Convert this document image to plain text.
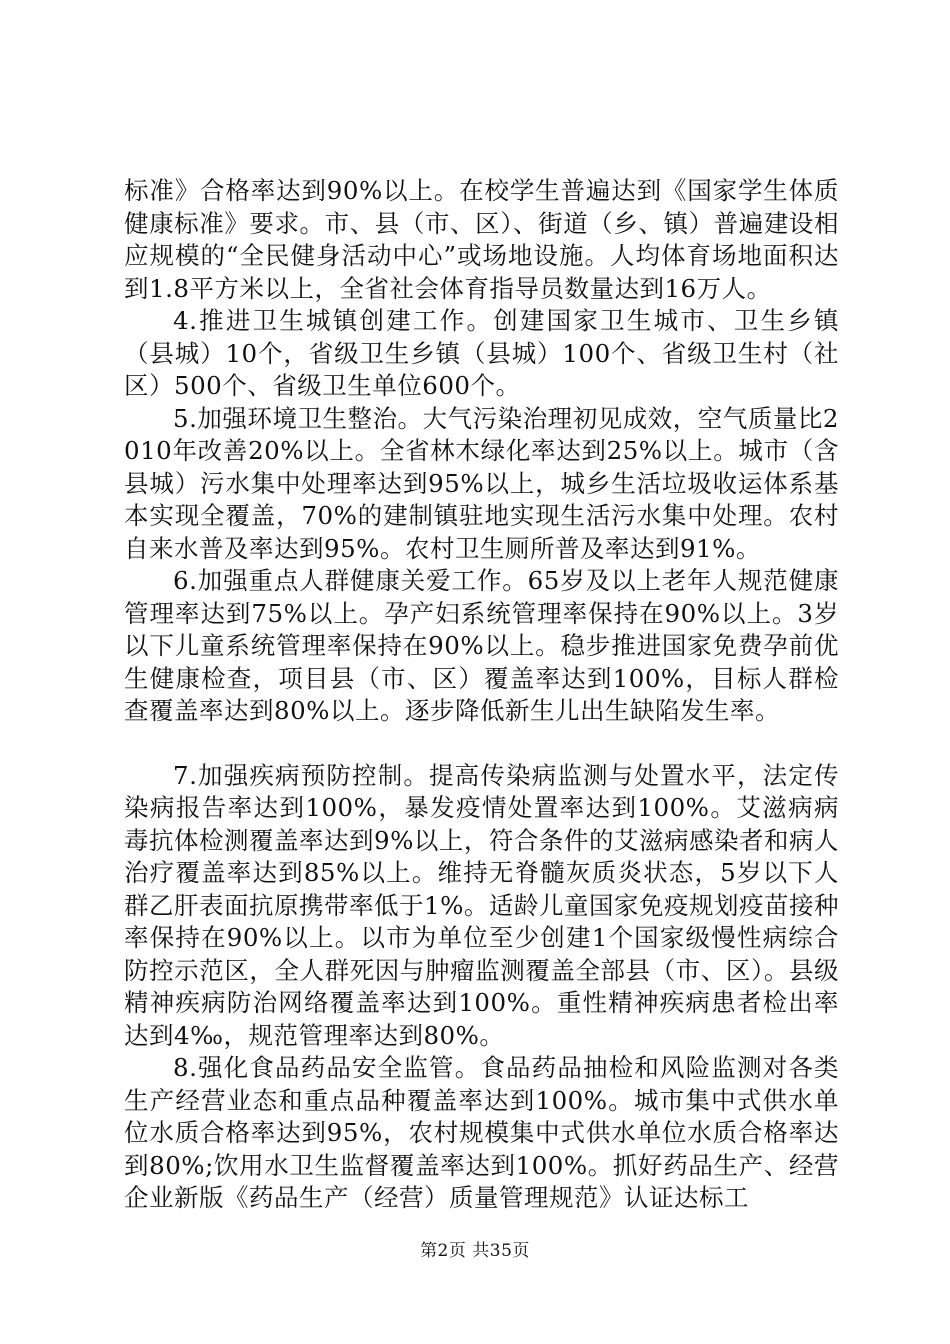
标准》合格率达到90%以上。在校学生普遍达到《国家学生体质健康标准》要求。市、县（市、区）、街道（乡、镇）普遍建设相应规模的“全民健身活动中心”或场地设施。人均体育场地面积达到1.8平方米以上，全省社会体育指导员数量达到16万人。

4.推进卫生城镇创建工作。创建国家卫生城市、卫生乡镇（县城）10个，省级卫生乡镇（县城）100个、省级卫生村（社区）500个、省级卫生单位600个。

5.加强环境卫生整治。大气污染治理初见成效，空气质量比2010年改善20%以上。全省林木绿化率达到25%以上。城市（含县城）污水集中处理率达到95%以上，城乡生活垃圾收运体系基本实现全覆盖，70%的建制镇驻地实现生活污水集中处理。农村自来水普及率达到95%。农村卫生厕所普及率达到91%。

6.加强重点人群健康关爱工作。65岁及以上老年人规范健康管理率达到75%以上。孕产妇系统管理率保持在90%以上。3岁以下儿童系统管理率保持在90%以上。稳步推进国家免费孕前优生健康检查，项目县（市、区）覆盖率达到100%，目标人群检查覆盖率达到80%以上。逐步降低新生儿出生缺陷发生率。

7.加强疾病预防控制。提高传染病监测与处置水平，法定传染病报告率达到100%，暴发疫情处置率达到100%。艾滋病病毒抗体检测覆盖率达到9%以上，符合条件的艾滋病感染者和病人治疗覆盖率达到85%以上。维持无脊髓灰质炎状态，5岁以下人群乙肝表面抗原携带率低于1%。适龄儿童国家免疫规划疫苗接种率保持在90%以上。以市为单位至少创建1个国家级慢性病综合防控示范区，全人群死因与肿瘤监测覆盖全部县（市、区）。县级精神疾病防治网络覆盖率达到100%。重性精神疾病患者检出率达到4‰，规范管理率达到80%。

8.强化食品药品安全监管。食品药品抽检和风险监测对各类生产经营业态和重点品种覆盖率达到100%。城市集中式供水单位水质合格率达到95%，农村规模集中式供水单位水质合格率达到80%;饮用水卫生监督覆盖率达到100%。抓好药品生产、经营企业新版《药品生产（经营）质量管理规范》认证达标工

第2页 共35页
